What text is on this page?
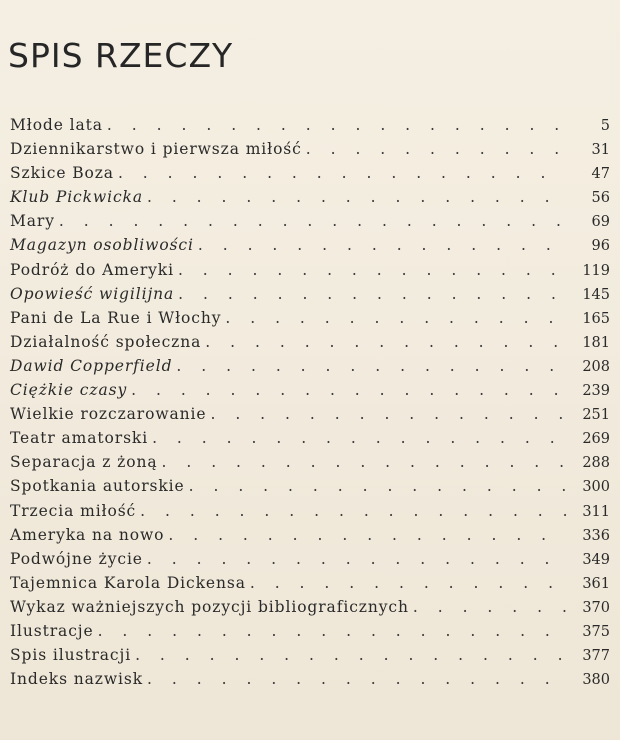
SPIS RZECZY
Młode lata . . .	5
Dziennikarstwo i pierwsza miłość . . .	31
Szkice Boza . . .	47
Klub Pickwicka . . .	56
Mary . . .	69
Magazyn osobliwości . . .	96
Podróż do Ameryki . . .	119
Opowieść wigilijna . . .	145
Pani de La Rue i Włochy . . .	165
Działalność społeczna . . .	181
Dawid Copperfield . . .	208
Ciężkie czasy . . .	239
Wielkie rozczarowanie . . .	251
Teatr amatorski . . .	269
Separacja z żoną . . .	288
Spotkania autorskie . . .	300
Trzecia miłość . . .	311
Ameryka na nowo . . .	336
Podwójne życie . . .	349
Tajemnica Karola Dickensa . . .	361
Wykaz ważniejszych pozycji bibliograficznych . . .	370
Ilustracje . . .	375
Spis ilustracji . . .	377
Indeks nazwisk . . .	380
